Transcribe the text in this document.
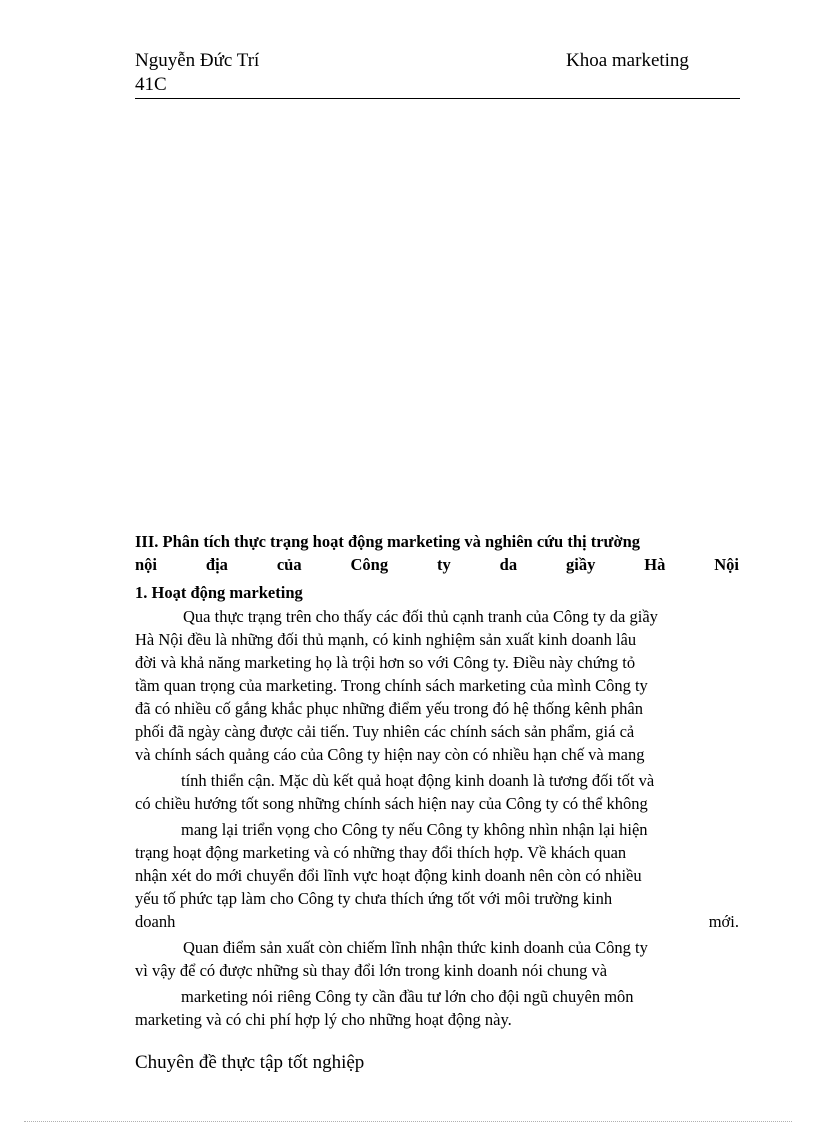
Nguyễn Đức Trí
41C
Khoa marketing
III. Phân tích thực trạng hoạt động marketing và nghiên cứu thị trường
nội	địa	của	Công	ty	da	giầy	Hà	Nội
1. Hoạt động marketing
Qua thực trạng trên cho thấy các đối thủ cạnh tranh của Công ty da giầy
Hà Nội đều là những đối thủ mạnh, có kinh nghiệm sản xuất kinh doanh lâu
đời và khả năng marketing họ là trội hơn so với Công ty. Điều này chứng tỏ
tầm quan trọng của marketing. Trong chính sách marketing của mình Công ty
đã có nhiều cố gắng khắc phục những điểm yếu trong đó hệ thống kênh phân
phối đã ngày càng được cải tiến. Tuy nhiên các chính sách sản phẩm, giá cả
và chính sách quảng cáo của Công ty hiện nay còn có nhiều hạn chế và mang
tính thiển cận. Mặc dù kết quả hoạt động kinh doanh là tương đối tốt và
có chiều hướng tốt song những chính sách hiện nay của Công ty có thể không
mang lại triển vọng cho Công ty nếu Công ty không nhìn nhận lại hiện
trạng hoạt động marketing và có những thay đổi thích hợp. Về khách quan
nhận xét do mới chuyển đổi lĩnh vực hoạt động kinh doanh nên còn có nhiều
yếu tố phức tạp làm cho Công ty chưa thích ứng tốt với môi trường kinh
doanh	mới.
Quan điểm sản xuất còn chiếm lĩnh nhận thức kinh doanh của Công ty
vì vậy để có được những sù thay đổi lớn trong kinh doanh nói chung và
marketing nói riêng Công ty cần đầu tư lớn cho đội ngũ chuyên môn
marketing và có chi phí hợp lý cho những hoạt động này.
Chuyên đề thực tập tốt nghiệp
